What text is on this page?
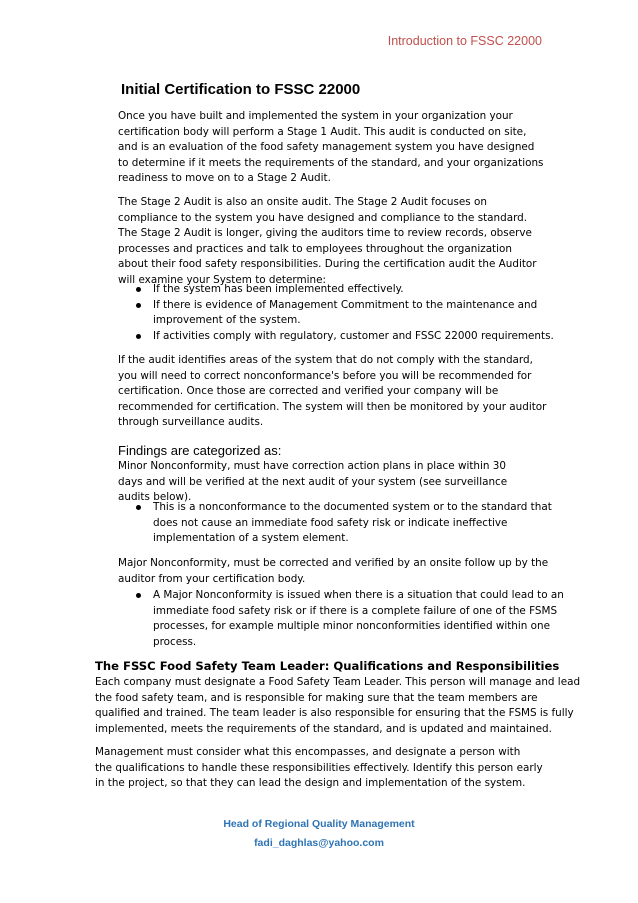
Introduction to FSSC 22000
Initial Certification to FSSC 22000
Once you have built and implemented the system in your organization your
certification body will perform a Stage 1 Audit. This audit is conducted on site,
and is an evaluation of the food safety management system you have designed
to determine if it meets the requirements of the standard, and your organizations
readiness to move on to a Stage 2 Audit.
The Stage 2 Audit is also an onsite audit. The Stage 2 Audit focuses on
compliance to the system you have designed and compliance to the standard.
The Stage 2 Audit is longer, giving the auditors time to review records, observe
processes and practices and talk to employees throughout the organization
about their food safety responsibilities. During the certification audit the Auditor
will examine your System to determine:
If the system has been implemented effectively.
If there is evidence of Management Commitment to the maintenance and
improvement of the system.
If activities comply with regulatory, customer and FSSC 22000 requirements.
If the audit identifies areas of the system that do not comply with the standard,
you will need to correct nonconformance's before you will be recommended for
certification. Once those are corrected and verified your company will be
recommended for certification. The system will then be monitored by your auditor
through surveillance audits.
Findings are categorized as:
Minor Nonconformity, must have correction action plans in place within 30
days and will be verified at the next audit of your system (see surveillance
audits below).
This is a nonconformance to the documented system or to the standard that
does not cause an immediate food safety risk or indicate ineffective
implementation of a system element.
Major Nonconformity, must be corrected and verified by an onsite follow up by the
auditor from your certification body.
A Major Nonconformity is issued when there is a situation that could lead to an
immediate food safety risk or if there is a complete failure of one of the FSMS
processes, for example multiple minor nonconformities identified within one
process.
The FSSC Food Safety Team Leader: Qualifications and Responsibilities
Each company must designate a Food Safety Team Leader. This person will manage and lead
the food safety team, and is responsible for making sure that the team members are
qualified and trained. The team leader is also responsible for ensuring that the FSMS is fully
implemented, meets the requirements of the standard, and is updated and maintained.
Management must consider what this encompasses, and designate a person with
the qualifications to handle these responsibilities effectively. Identify this person early
in the project, so that they can lead the design and implementation of the system.
Head of Regional Quality Management
fadi_daghlas@yahoo.com
